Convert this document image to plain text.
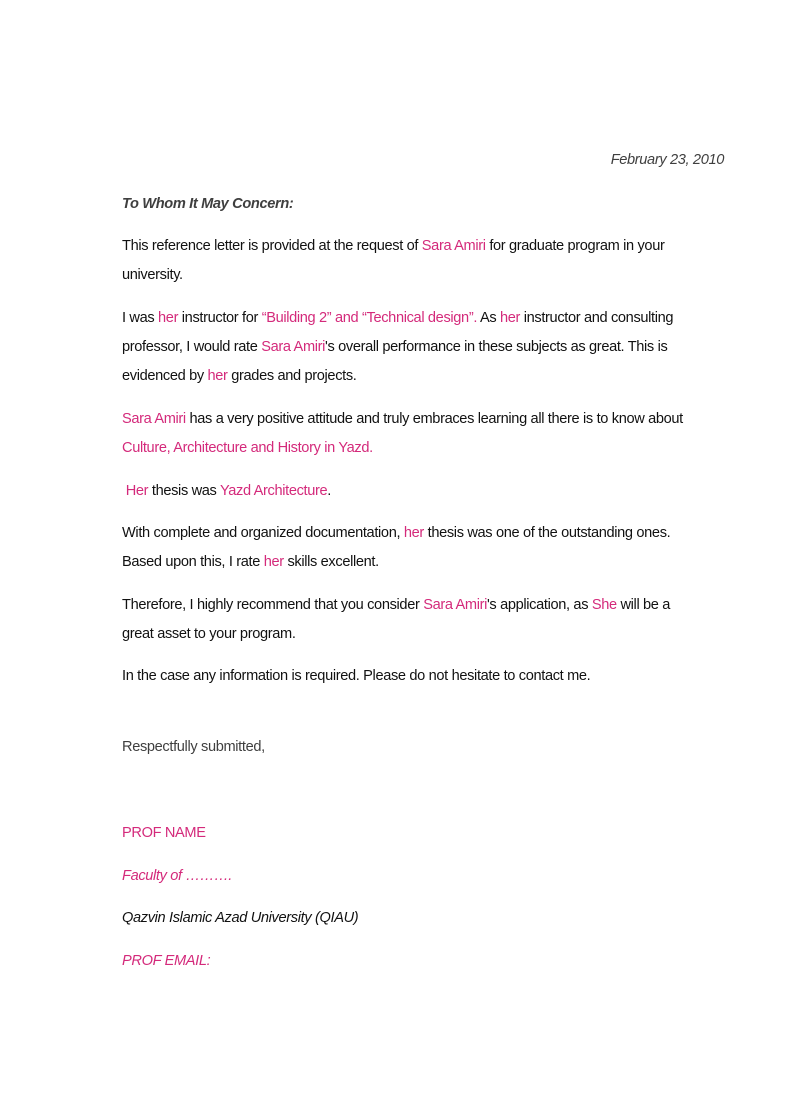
February 23, 2010
To Whom It May Concern:
This reference letter is provided at the request of Sara Amiri for graduate program in your
university.
I was her instructor for “Building 2” and “Technical design”. As her instructor and consulting
professor, I would rate Sara Amiri's overall performance in these subjects as great. This is
evidenced by her grades and projects.
Sara Amiri has a very positive attitude and truly embraces learning all there is to know about
Culture, Architecture and History in Yazd.
Her thesis was Yazd Architecture.
With complete and organized documentation, her thesis was one of the outstanding ones.
Based upon this, I rate her skills excellent.
Therefore, I highly recommend that you consider Sara Amiri's application, as She will be a
great asset to your program.
In the case any information is required. Please do not hesitate to contact me.
Respectfully submitted,
PROF NAME
Faculty of ……….
Qazvin Islamic Azad University (QIAU)
PROF EMAIL:
